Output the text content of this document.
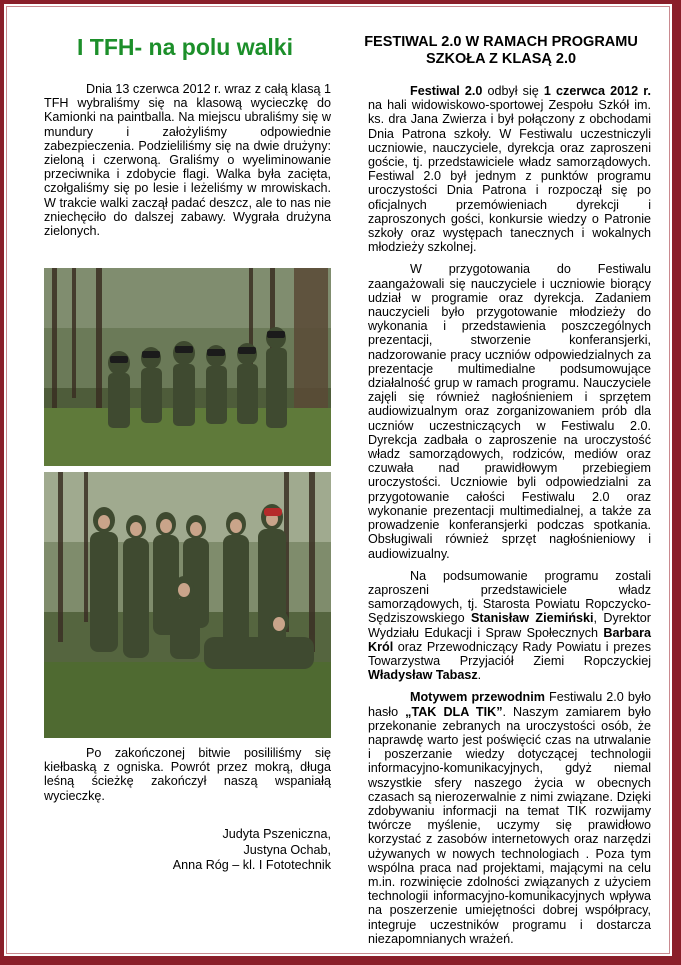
I TFH- na polu walki

Dnia 13 czerwca 2012 r. wraz z całą klasą 1 TFH wybraliśmy się na klasową wycieczkę do Kamionki na paintballa. Na miejscu ubraliśmy się w mundury i założyliśmy odpowiednie zabezpieczenia. Podzieliliśmy się na dwie drużyny: zieloną i czerwoną. Graliśmy o wyeliminowanie przeciwnika i zdobycie flagi. Walka była zacięta, czołgaliśmy się po lesie i leżeliśmy w mrowiskach. W trakcie walki zaczął padać deszcz, ale to nas nie zniechęciło do dalszej zabawy. Wygrała drużyna zielonych.

Po zakończonej bitwie posililiśmy się kiełbaską z ogniska. Powrót przez mokrą, długa leśną ścieżkę zakończył naszą wspaniałą wycieczkę.

Judyta Pszeniczna,
Justyna Ochab,
Anna Róg – kl. I Fototechnik
FESTIWAL 2.0 W RAMACH PROGRAMU SZKOŁA Z KLASĄ 2.0

Festiwal 2.0 odbył się 1 czerwca 2012 r. na hali widowiskowo-sportowej Zespołu Szkół im. ks. dra Jana Zwierza i był połączony z obchodami Dnia Patrona szkoły. W Festiwalu uczestniczyli uczniowie, nauczyciele, dyrekcja oraz zaproszeni goście, tj. przedstawiciele władz samorządowych. Festiwal 2.0 był jednym z punktów programu uroczystości Dnia Patrona i rozpoczął się po oficjalnych przemówieniach dyrekcji i zaproszonych gości, konkursie wiedzy o Patronie szkoły oraz występach tanecznych i wokalnych młodzieży szkolnej.

W przygotowania do Festiwalu zaangażowali się nauczyciele i uczniowie biorący udział w programie oraz dyrekcja. Zadaniem nauczycieli było przygotowanie młodzieży do wykonania i przedstawienia poszczególnych prezentacji, stworzenie konferansjerki, nadzorowanie pracy uczniów odpowiedzialnych za prezentacje multimedialne podsumowujące działalność grup w ramach programu. Nauczyciele zajęli się również nagłośnieniem i sprzętem audiowizualnym oraz zorganizowaniem prób dla uczniów uczestniczących w Festiwalu 2.0. Dyrekcja zadbała o zaproszenie na uroczystość władz samorządowych, rodziców, mediów oraz czuwała nad prawidłowym przebiegiem uroczystości. Uczniowie byli odpowiedzialni za przygotowanie całości Festiwalu 2.0 oraz wykonanie prezentacji multimedialnej, a także za prowadzenie konferansjerki podczas spotkania. Obsługiwali również sprzęt nagłośnieniowy i audiowizualny.

Na podsumowanie programu zostali zaproszeni przedstawiciele władz samorządowych, tj. Starosta Powiatu Ropczycko-Sędziszowskiego Stanisław Ziemiński, Dyrektor Wydziału Edukacji i Spraw Społecznych Barbara Król oraz Przewodniczący Rady Powiatu i prezes Towarzystwa Przyjaciół Ziemi Ropczyckiej Władysław Tabasz.

Motywem przewodnim Festiwalu 2.0 było hasło „TAK DLA TIK”. Naszym zamiarem było przekonanie zebranych na uroczystości osób, że naprawdę warto jest poświęcić czas na utrwalanie i poszerzanie wiedzy dotyczącej technologii informacyjno-komunikacyjnych, gdyż niemal wszystkie sfery naszego życia w obecnych czasach są nierozerwalnie z nimi związane. Dzięki zdobywaniu informacji na temat TIK rozwijamy twórcze myślenie, uczymy się prawidłowo korzystać z zasobów internetowych oraz narzędzi używanych w nowych technologiach . Poza tym wspólna praca nad projektami, mającymi na celu m.in. rozwinięcie zdolności związanych z użyciem technologii informacyjno-komunikacyjnych wpływa na poszerzenie umiejętności dobrej współpracy, integruje uczestników programu i dostarcza niezapomnianych wrażeń.
